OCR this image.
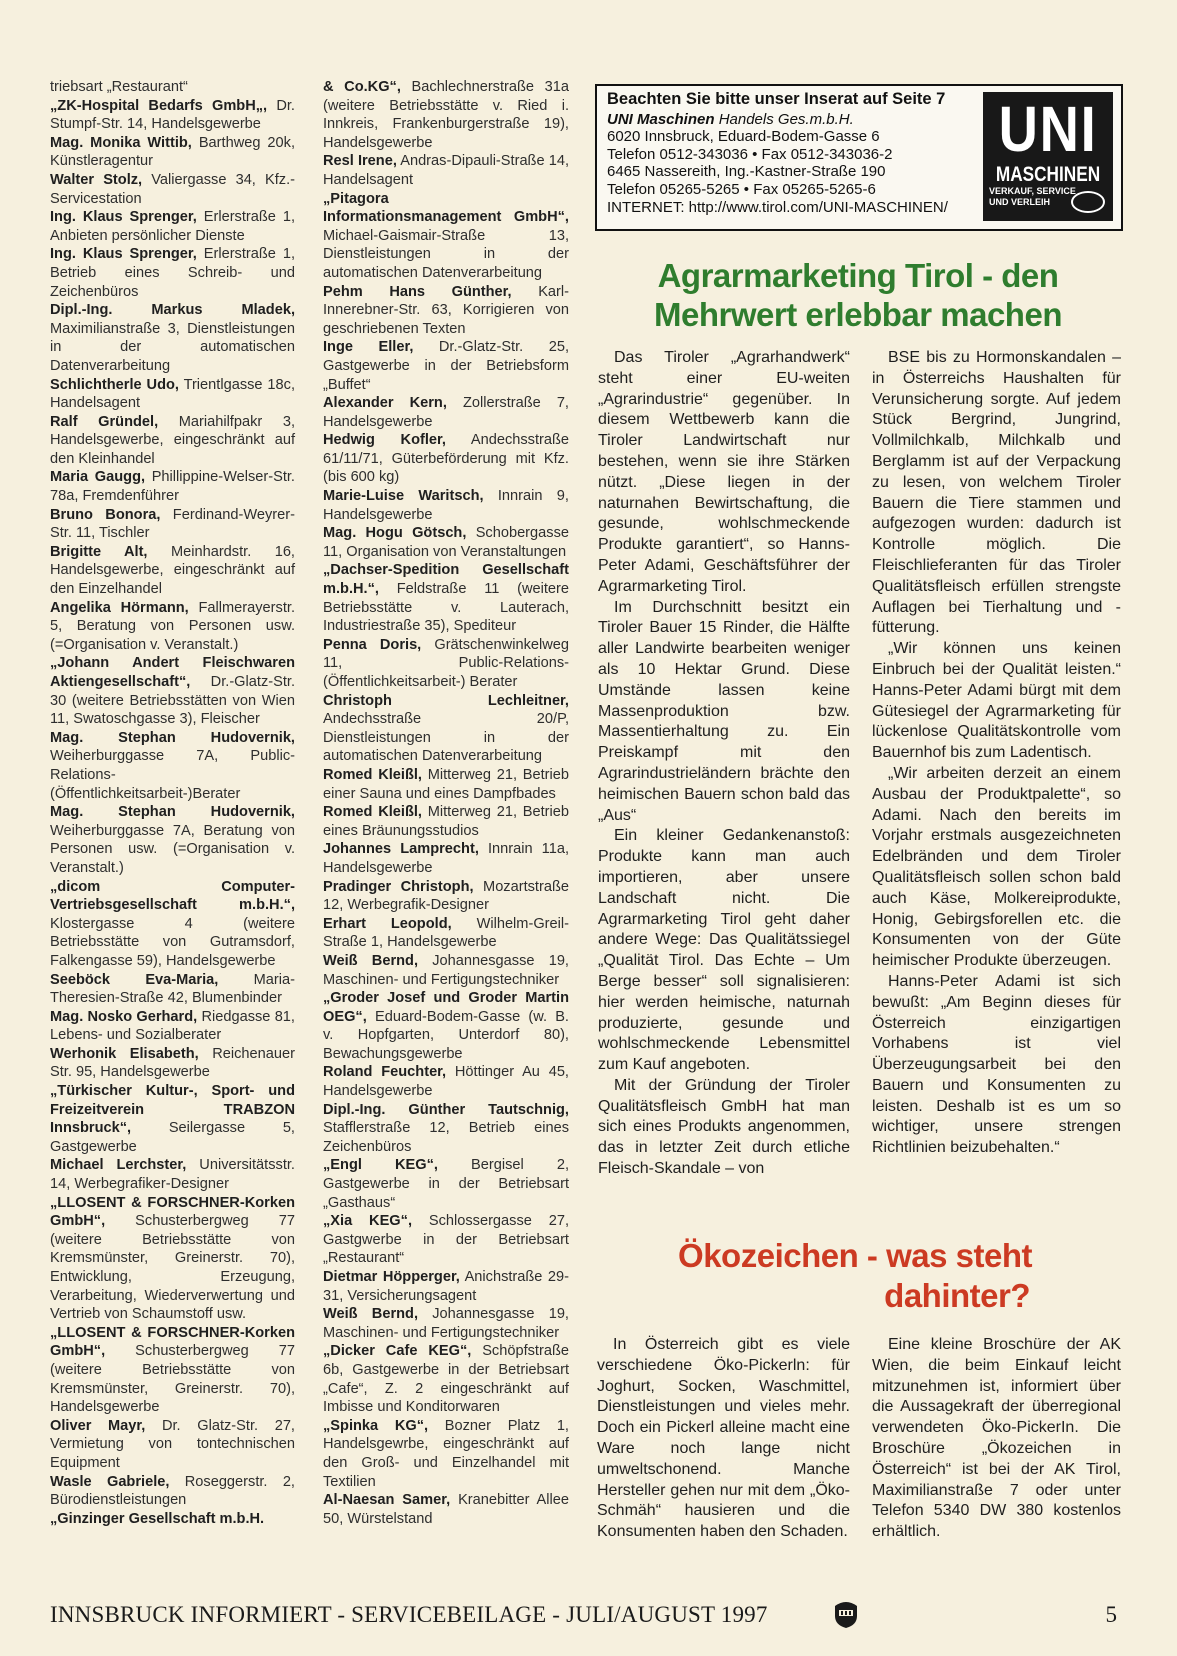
triebsart „Restaurant“

„ZK-Hospital Bedarfs GmbH„, Dr. Stumpf-Str. 14, Handelsgewerbe

Mag. Monika Wittib, Barthweg 20k, Künstleragentur

Walter Stolz, Valiergasse 34, Kfz.-Servicestation

Ing. Klaus Sprenger, Erlerstraße 1, Anbieten persönlicher Dienste

Ing. Klaus Sprenger, Erlerstraße 1, Betrieb eines Schreib- und Zeichenbüros

Dipl.-Ing. Markus Mladek, Maximilianstraße 3, Dienstleistungen in der automatischen Datenverarbeitung

Schlichtherle Udo, Trientlgasse 18c, Handelsagent

Ralf Gründel, Mariahilfpakr 3, Handelsgewerbe, eingeschränkt auf den Kleinhandel

Maria Gaugg, Phillippine-Welser-Str. 78a, Fremdenführer

Bruno Bonora, Ferdinand-Weyrer-Str. 11, Tischler

Brigitte Alt, Meinhardstr. 16, Handelsgewerbe, eingeschränkt auf den Einzelhandel

Angelika Hörmann, Fallmerayerstr. 5, Beratung von Personen usw.(=Organisation v. Veranstalt.)

„Johann Andert Fleischwaren Aktiengesellschaft“, Dr.-Glatz-Str. 30 (weitere Betriebsstätten von Wien 11, Swatoschgasse 3), Fleischer

Mag. Stephan Hudovernik, Weiherburggasse 7A, Public-Relations-(Öffentlichkeitsarbeit-)Berater

Mag. Stephan Hudovernik, Weiherburggasse 7A, Beratung von Personen usw. (=Organisation v. Veranstalt.)

„dicom Computer-Vertriebsgesellschaft m.b.H.“, Klostergasse 4 (weitere Betriebsstätte von Gutramsdorf, Falkengasse 59), Handelsgewerbe

Seeböck Eva-Maria, Maria-Theresien-Straße 42, Blumenbinder

Mag. Nosko Gerhard, Riedgasse 81, Lebens- und Sozialberater

Werhonik Elisabeth, Reichenauer Str. 95, Handelsgewerbe

„Türkischer Kultur-, Sport- und Freizeitverein TRABZON Innsbruck“,	Seilergasse 5, Gastgewerbe

Michael Lerchster, Universitätsstr. 14, Werbegrafiker-Designer

„LLOSENT & FORSCHNER-Korken GmbH“, Schusterbergweg 77 (weitere Betriebsstätte von Kremsmünster, Greinerstr. 70), Entwicklung, Erzeugung, Verarbeitung, Wiederverwertung und Vertrieb von Schaumstoff usw.

„LLOSENT & FORSCHNER-Korken GmbH“, Schusterbergweg 77 (weitere Betriebsstätte von Kremsmünster, Greinerstr. 70), Handelsgewerbe

Oliver Mayr, Dr. Glatz-Str. 27, Vermietung von tontechnischen Equipment

Wasle Gabriele, Roseggerstr. 2, Bürodienstleistungen

„Ginzinger Gesellschaft m.b.H.

& Co.KG“, Bachlechnerstraße 31a (weitere Betriebsstätte v. Ried i. Innkreis, Frankenburgerstraße 19), Handelsgewerbe

Resl Irene, Andras-Dipauli-Straße 14, Handelsagent

„Pitagora Informationsmanagement GmbH“, Michael-Gaismair-Straße 13, Dienstleistungen in der automatischen Datenverarbeitung

Pehm Hans Günther, Karl-Innerebner-Str. 63, Korrigieren von geschriebenen Texten

Inge Eller, Dr.-Glatz-Str. 25, Gastgewerbe in der Betriebsform „Buffet“

Alexander Kern, Zollerstraße 7, Handelsgewerbe

Hedwig Kofler, Andechsstraße 61/11/71, Güterbeförderung mit Kfz. (bis 600 kg)

Marie-Luise Waritsch, Innrain 9, Handelsgewerbe

Mag. Hogu Götsch, Schobergasse 11, Organisation von Veranstaltungen

„Dachser-Spedition Gesellschaft m.b.H.“, Feldstraße 11 (weitere Betriebsstätte v. Lauterach, Industriestraße 35), Spediteur

Penna Doris, Grätschenwinkelweg 11, Public-Relations-(Öffentlichkeitsarbeit-) Berater

Christoph Lechleitner, Andechsstraße 20/P, Dienstleistungen in der automatischen Datenverarbeitung

Romed Kleißl, Mitterweg 21, Betrieb einer Sauna und eines Dampfbades

Romed Kleißl, Mitterweg 21, Betrieb eines Bräunungsstudios

Johannes Lamprecht, Innrain 11a, Handelsgewerbe

Pradinger Christoph, Mozartstraße 12, Werbegrafik-Designer

Erhart Leopold, Wilhelm-Greil-Straße 1, Handelsgewerbe

Weiß Bernd, Johannesgasse 19, Maschinen- und Fertigungstechniker

„Groder Josef und Groder Martin OEG“, Eduard-Bodem-Gasse (w. B. v. Hopfgarten, Unterdorf 80), Bewachungsgewerbe

Roland Feuchter, Höttinger Au 45, Handelsgewerbe

Dipl.-Ing. Günther Tautschnig, Stafflerstraße 12, Betrieb eines Zeichenbüros

„Engl KEG“, Bergisel 2, Gastgewerbe in der Betriebsart „Gasthaus“

„Xia KEG“, Schlossergasse 27, Gastgwerbe in der Betriebsart „Restaurant“

Dietmar Höpperger, Anichstraße 29-31, Versicherungsagent

Weiß Bernd, Johannesgasse 19, Maschinen- und Fertigungstechniker

„Dicker Cafe KEG“, Schöpfstraße 6b, Gastgewerbe in der Betriebsart „Cafe“, Z. 2 eingeschränkt auf Imbisse und Konditorwaren

„Spinka KG“, Bozner Platz 1, Handelsgewrbe, eingeschränkt auf den Groß- und Einzelhandel mit Textilien

Al-Naesan Samer, Kranebitter Allee 50, Würstelstand

Beachten Sie bitte unser Inserat auf Seite 7
UNI Maschinen Handels Ges.m.b.H.
6020 Innsbruck, Eduard-Bodem-Gasse 6
Telefon 0512-343036 • Fax 0512-343036-2
6465 Nassereith, Ing.-Kastner-Straße 190
Telefon 05265-5265 • Fax 05265-5265-6
INTERNET: http://www.tirol.com/UNI-MASCHINEN/
UNI
MASCHINEN
VERKAUF, SERVICE
UND VERLEIH
Agrarmarketing Tirol - den
Mehrwert erlebbar machen

Das Tiroler „Agrarhandwerk“ steht einer EU-weiten „Agrarindustrie“ gegenüber. In diesem Wettbewerb kann die Tiroler Landwirtschaft nur bestehen, wenn sie ihre Stärken nützt. „Diese liegen in der naturnahen Bewirtschaftung, die gesunde, wohlschmeckende Produkte garantiert“, so Hanns-Peter Adami, Geschäftsführer der Agrarmarketing Tirol.

Im Durchschnitt besitzt ein Tiroler Bauer 15 Rinder, die Hälfte aller Landwirte bearbeiten weniger als 10 Hektar Grund. Diese Umstände lassen keine Massenproduktion bzw. Massentierhaltung zu. Ein Preiskampf mit den Agrarindustrieländern brächte den heimischen Bauern schon bald das „Aus“

Ein kleiner Gedankenanstoß: Produkte kann man auch importieren, aber unsere Landschaft nicht. Die Agrarmarketing Tirol geht daher andere Wege: Das Qualitätssiegel „Qualität Tirol. Das Echte – Um Berge besser“ soll signalisieren: hier werden heimische, naturnah produzierte, gesunde und wohlschmeckende Lebensmittel zum Kauf angeboten.

Mit der Gründung der Tiroler Qualitätsfleisch GmbH hat man sich eines Produkts angenommen, das in letzter Zeit durch etliche Fleisch-Skandale – von

BSE bis zu Hormonskandalen – in Österreichs Haushalten für Verunsicherung sorgte. Auf jedem Stück Bergrind, Jungrind, Vollmilchkalb, Milchkalb und Berglamm ist auf der Verpackung zu lesen, von welchem Tiroler Bauern die Tiere stammen und aufgezogen wurden: dadurch ist Kontrolle möglich. Die Fleischlieferanten für das Tiroler Qualitätsfleisch erfüllen strengste Auflagen bei Tierhaltung und -fütterung.

„Wir können uns keinen Einbruch bei der Qualität leisten.“ Hanns-Peter Adami bürgt mit dem Gütesiegel der Agrarmarketing für lückenlose Qualitätskontrolle vom Bauernhof bis zum Ladentisch.

„Wir arbeiten derzeit an einem Ausbau der Produktpalette“, so Adami. Nach den bereits im Vorjahr erstmals ausgezeichneten Edelbränden und dem Tiroler Qualitätsfleisch sollen schon bald auch Käse, Molkereiprodukte, Honig, Gebirgsforellen etc. die Konsumenten von der Güte heimischer Produkte überzeugen.

Hanns-Peter Adami ist sich bewußt: „Am Beginn dieses für Österreich einzigartigen Vorhabens ist viel Überzeugungsarbeit bei den Bauern und Konsumenten zu leisten. Deshalb ist es um so wichtiger, unsere strengen Richtlinien beizubehalten.“

Ökozeichen - was steht
dahinter?

In Österreich gibt es viele verschiedene Öko-Pickerln: für Joghurt, Socken, Waschmittel, Dienstleistungen und vieles mehr. Doch ein Pickerl alleine macht eine Ware noch lange nicht umweltschonend. Manche Hersteller gehen nur mit dem „Öko-Schmäh“ hausieren und die Konsumenten haben den Schaden.

Eine kleine Broschüre der AK Wien, die beim Einkauf leicht mitzunehmen ist, informiert über die Aussagekraft der überregional verwendeten Öko-PickerIn. Die Broschüre „Ökozeichen in Österreich“ ist bei der AK Tirol, Maximilianstraße 7 oder unter Telefon 5340 DW 380 kostenlos erhältlich.

INNSBRUCK INFORMIERT - SERVICEBEILAGE - JULI/AUGUST 1997	5
